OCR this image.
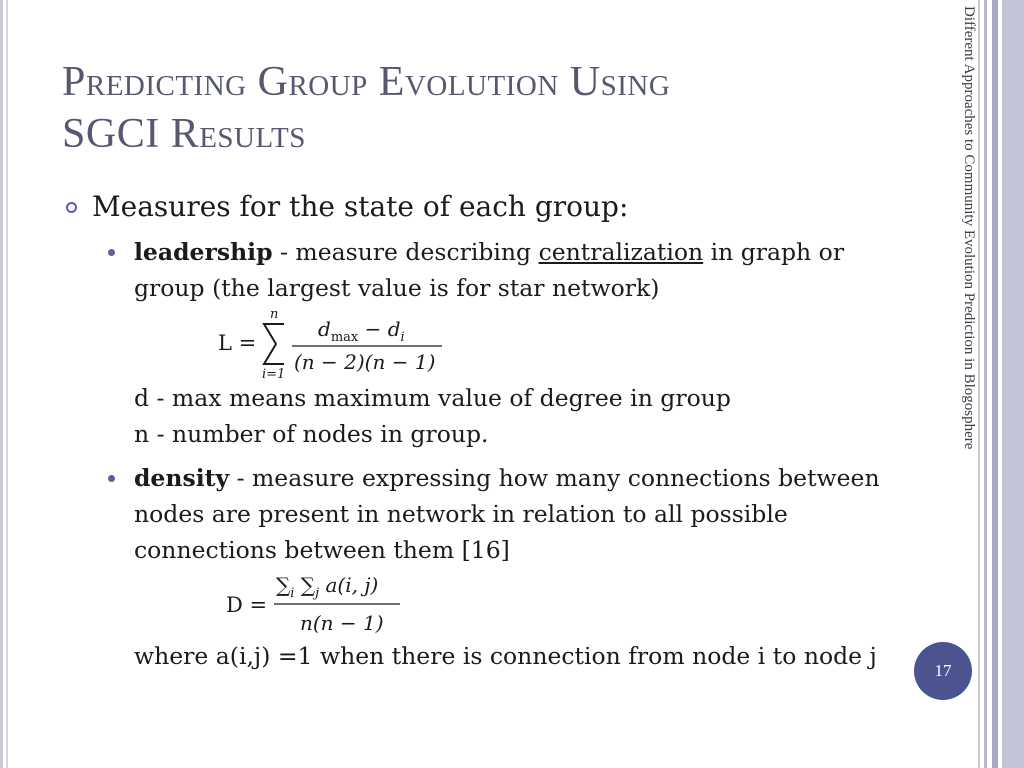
Predicting Group Evolution Using
SGCI Results	Different Approaches to Community Evolution Prediction in Blogosphere
17
Measures for the state of each group:
leadership - measure describing centralization in graph or group (the largest value is for star network)
L =
n
i=1
$d_{max} - d_i$
(n − 2)(n − 1)
d - max means maximum value of degree in group
n - number of nodes in group.
density - measure expressing how many connections between nodes are present in network in relation to all possible connections between them [16]
D =
$\sum_i$ $\sum_j$ a(i, j)
n(n − 1)
where a(i,j) =1 when there is connection from node i to node j
